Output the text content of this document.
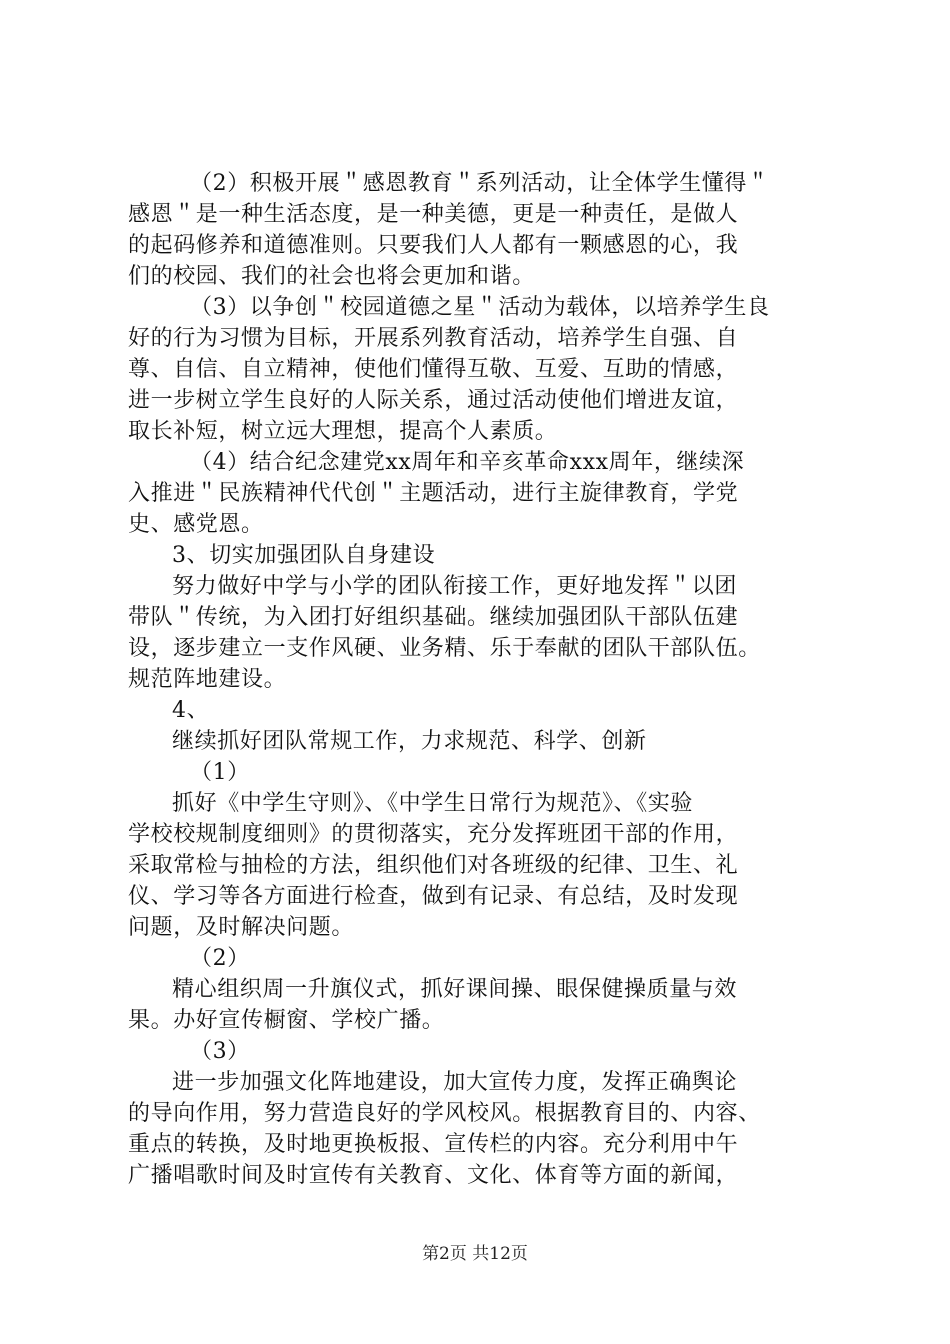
（2）积极开展＂感恩教育＂系列活动，让全体学生懂得＂
感恩＂是一种生活态度，是一种美德，更是一种责任，是做人
的起码修养和道德准则。只要我们人人都有一颗感恩的心，我
们的校园、我们的社会也将会更加和谐。
（3）以争创＂校园道德之星＂活动为载体，以培养学生良
好的行为习惯为目标，开展系列教育活动，培养学生自强、自
尊、自信、自立精神，使他们懂得互敬、互爱、互助的情感，
进一步树立学生良好的人际关系，通过活动使他们增进友谊，
取长补短，树立远大理想，提高个人素质。
（4）结合纪念建党xx周年和辛亥革命xxx周年，继续深
入推进＂民族精神代代创＂主题活动，进行主旋律教育，学党
史、感党恩。
3、切实加强团队自身建设
努力做好中学与小学的团队衔接工作，更好地发挥＂以团
带队＂传统，为入团打好组织基础。继续加强团队干部队伍建
设，逐步建立一支作风硬、业务精、乐于奉献的团队干部队伍。
规范阵地建设。
4、
继续抓好团队常规工作，力求规范、科学、创新
（1）
抓好《中学生守则》、《中学生日常行为规范》、《实验
学校校规制度细则》的贯彻落实，充分发挥班团干部的作用，
采取常检与抽检的方法，组织他们对各班级的纪律、卫生、礼
仪、学习等各方面进行检查，做到有记录、有总结，及时发现
问题，及时解决问题。
（2）
精心组织周一升旗仪式，抓好课间操、眼保健操质量与效
果。办好宣传橱窗、学校广播。
（3）
进一步加强文化阵地建设，加大宣传力度，发挥正确舆论
的导向作用，努力营造良好的学风校风。根据教育目的、内容、
重点的转换，及时地更换板报、宣传栏的内容。充分利用中午
广播唱歌时间及时宣传有关教育、文化、体育等方面的新闻，
第2页 共12页
